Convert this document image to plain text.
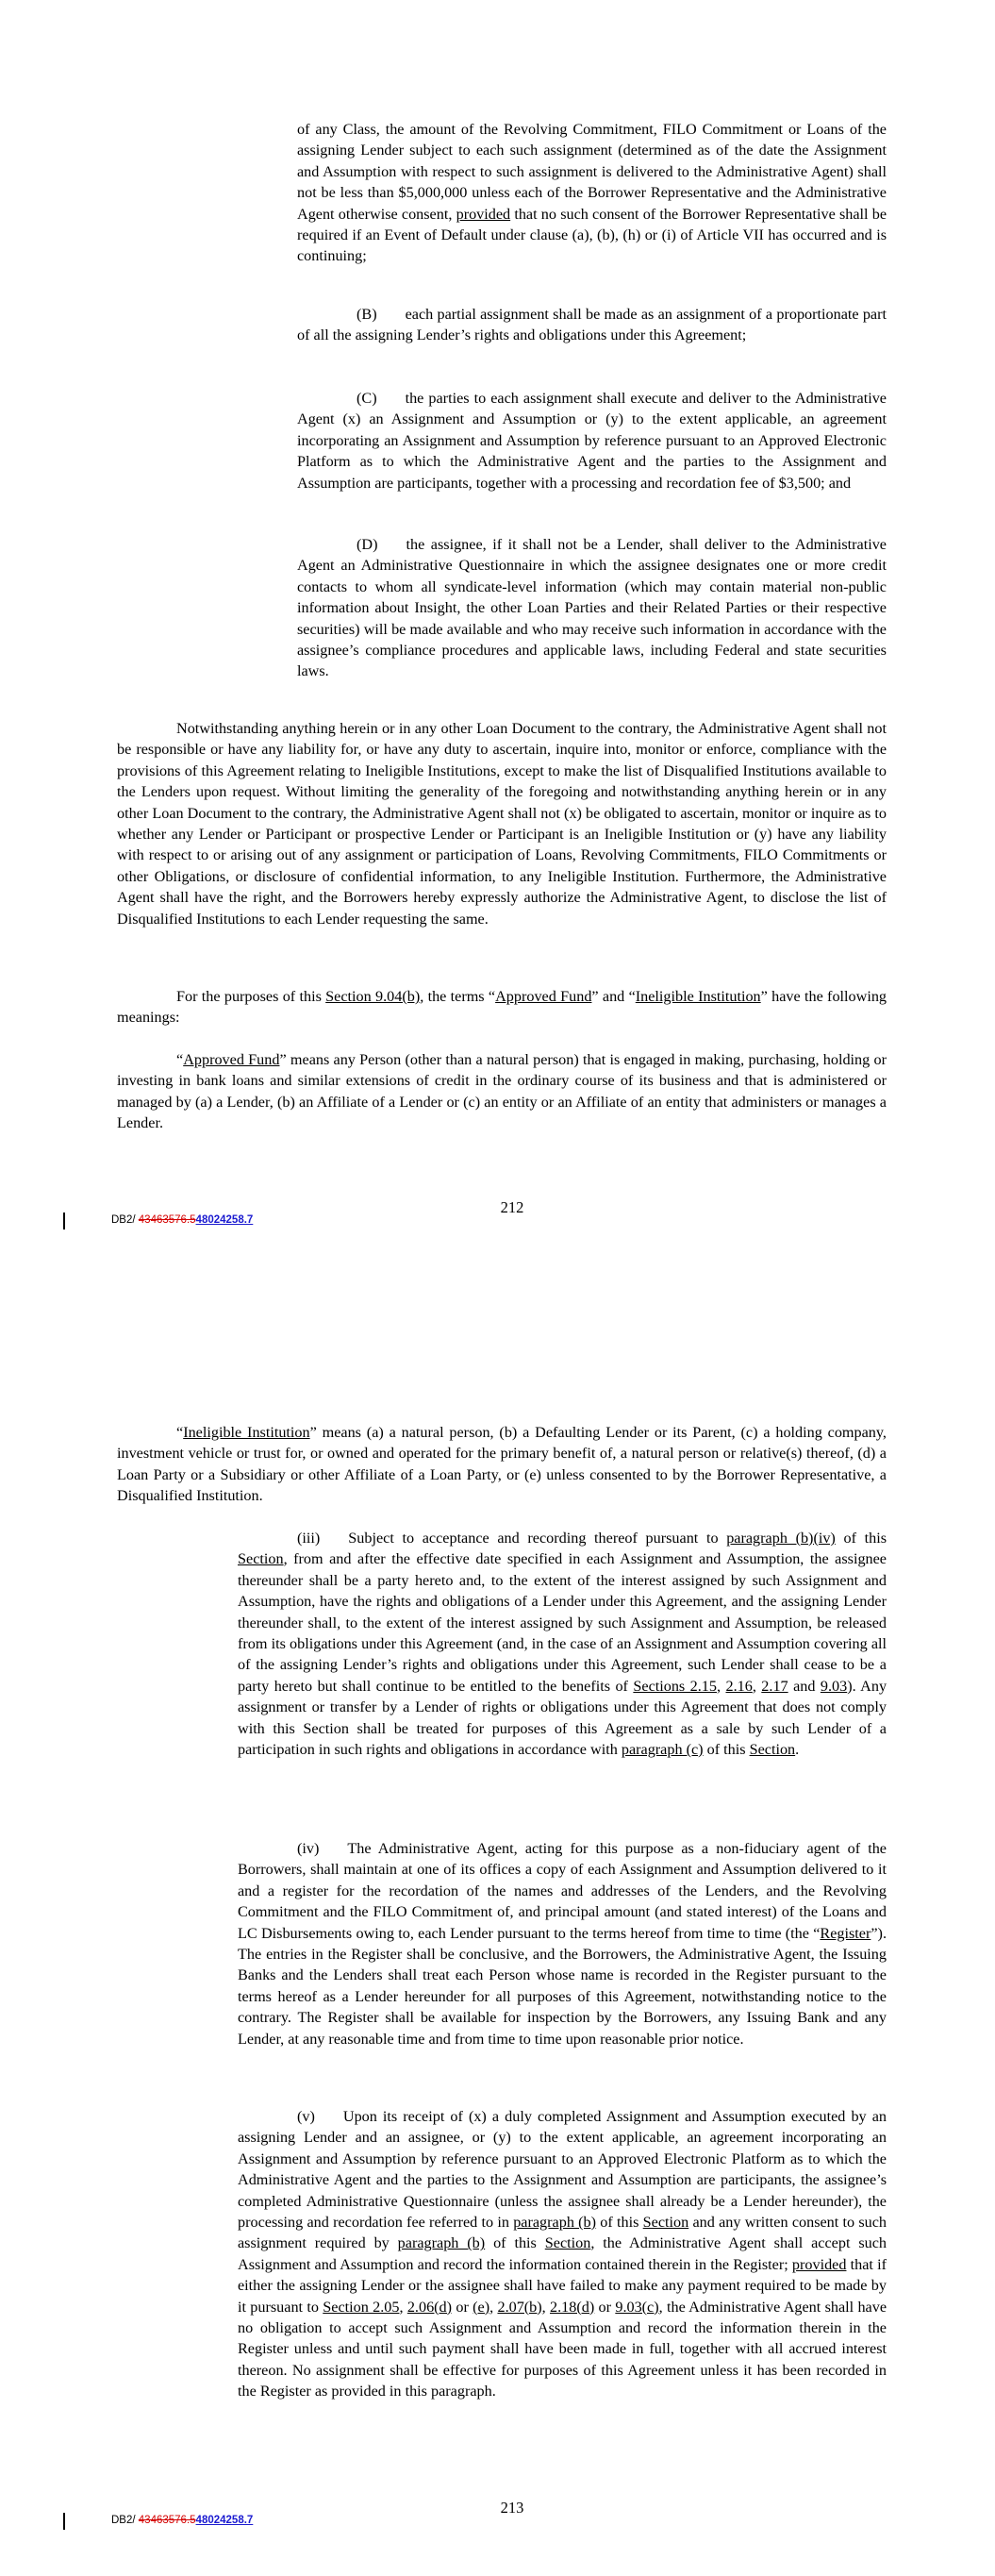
of any Class, the amount of the Revolving Commitment, FILO Commitment or Loans of the assigning Lender subject to each such assignment (determined as of the date the Assignment and Assumption with respect to such assignment is delivered to the Administrative Agent) shall not be less than $5,000,000 unless each of the Borrower Representative and the Administrative Agent otherwise consent, provided that no such consent of the Borrower Representative shall be required if an Event of Default under clause (a), (b), (h) or (i) of Article VII has occurred and is continuing;

(B) each partial assignment shall be made as an assignment of a proportionate part of all the assigning Lender’s rights and obligations under this Agreement;

(C) the parties to each assignment shall execute and deliver to the Administrative Agent (x) an Assignment and Assumption or (y) to the extent applicable, an agreement incorporating an Assignment and Assumption by reference pursuant to an Approved Electronic Platform as to which the Administrative Agent and the parties to the Assignment and Assumption are participants, together with a processing and recordation fee of $3,500; and

(D) the assignee, if it shall not be a Lender, shall deliver to the Administrative Agent an Administrative Questionnaire in which the assignee designates one or more credit contacts to whom all syndicate-level information (which may contain material non-public information about Insight, the other Loan Parties and their Related Parties or their respective securities) will be made available and who may receive such information in accordance with the assignee’s compliance procedures and applicable laws, including Federal and state securities laws.

Notwithstanding anything herein or in any other Loan Document to the contrary, the Administrative Agent shall not be responsible or have any liability for, or have any duty to ascertain, inquire into, monitor or enforce, compliance with the provisions of this Agreement relating to Ineligible Institutions, except to make the list of Disqualified Institutions available to the Lenders upon request. Without limiting the generality of the foregoing and notwithstanding anything herein or in any other Loan Document to the contrary, the Administrative Agent shall not (x) be obligated to ascertain, monitor or inquire as to whether any Lender or Participant or prospective Lender or Participant is an Ineligible Institution or (y) have any liability with respect to or arising out of any assignment or participation of Loans, Revolving Commitments, FILO Commitments or other Obligations, or disclosure of confidential information, to any Ineligible Institution. Furthermore, the Administrative Agent shall have the right, and the Borrowers hereby expressly authorize the Administrative Agent, to disclose the list of Disqualified Institutions to each Lender requesting the same.

For the purposes of this Section 9.04(b), the terms “Approved Fund” and “Ineligible Institution” have the following meanings:

“Approved Fund” means any Person (other than a natural person) that is engaged in making, purchasing, holding or investing in bank loans and similar extensions of credit in the ordinary course of its business and that is administered or managed by (a) a Lender, (b) an Affiliate of a Lender or (c) an entity or an Affiliate of an entity that administers or manages a Lender.

DB2/ 43463576.548024258.7
212

“Ineligible Institution” means (a) a natural person, (b) a Defaulting Lender or its Parent, (c) a holding company, investment vehicle or trust for, or owned and operated for the primary benefit of, a natural person or relative(s) thereof, (d) a Loan Party or a Subsidiary or other Affiliate of a Loan Party, or (e) unless consented to by the Borrower Representative, a Disqualified Institution.

(iii) Subject to acceptance and recording thereof pursuant to paragraph (b)(iv) of this Section, from and after the effective date specified in each Assignment and Assumption, the assignee thereunder shall be a party hereto and, to the extent of the interest assigned by such Assignment and Assumption, have the rights and obligations of a Lender under this Agreement, and the assigning Lender thereunder shall, to the extent of the interest assigned by such Assignment and Assumption, be released from its obligations under this Agreement (and, in the case of an Assignment and Assumption covering all of the assigning Lender’s rights and obligations under this Agreement, such Lender shall cease to be a party hereto but shall continue to be entitled to the benefits of Sections 2.15, 2.16, 2.17 and 9.03). Any assignment or transfer by a Lender of rights or obligations under this Agreement that does not comply with this Section shall be treated for purposes of this Agreement as a sale by such Lender of a participation in such rights and obligations in accordance with paragraph (c) of this Section.

(iv) The Administrative Agent, acting for this purpose as a non-fiduciary agent of the Borrowers, shall maintain at one of its offices a copy of each Assignment and Assumption delivered to it and a register for the recordation of the names and addresses of the Lenders, and the Revolving Commitment and the FILO Commitment of, and principal amount (and stated interest) of the Loans and LC Disbursements owing to, each Lender pursuant to the terms hereof from time to time (the “Register”). The entries in the Register shall be conclusive, and the Borrowers, the Administrative Agent, the Issuing Banks and the Lenders shall treat each Person whose name is recorded in the Register pursuant to the terms hereof as a Lender hereunder for all purposes of this Agreement, notwithstanding notice to the contrary. The Register shall be available for inspection by the Borrowers, any Issuing Bank and any Lender, at any reasonable time and from time to time upon reasonable prior notice.

(v) Upon its receipt of (x) a duly completed Assignment and Assumption executed by an assigning Lender and an assignee, or (y) to the extent applicable, an agreement incorporating an Assignment and Assumption by reference pursuant to an Approved Electronic Platform as to which the Administrative Agent and the parties to the Assignment and Assumption are participants, the assignee’s completed Administrative Questionnaire (unless the assignee shall already be a Lender hereunder), the processing and recordation fee referred to in paragraph (b) of this Section and any written consent to such assignment required by paragraph (b) of this Section, the Administrative Agent shall accept such Assignment and Assumption and record the information contained therein in the Register; provided that if either the assigning Lender or the assignee shall have failed to make any payment required to be made by it pursuant to Section 2.05, 2.06(d) or (e), 2.07(b), 2.18(d) or 9.03(c), the Administrative Agent shall have no obligation to accept such Assignment and Assumption and record the information therein in the Register unless and until such payment shall have been made in full, together with all accrued interest thereon. No assignment shall be effective for purposes of this Agreement unless it has been recorded in the Register as provided in this paragraph.

DB2/ 43463576.548024258.7
213
